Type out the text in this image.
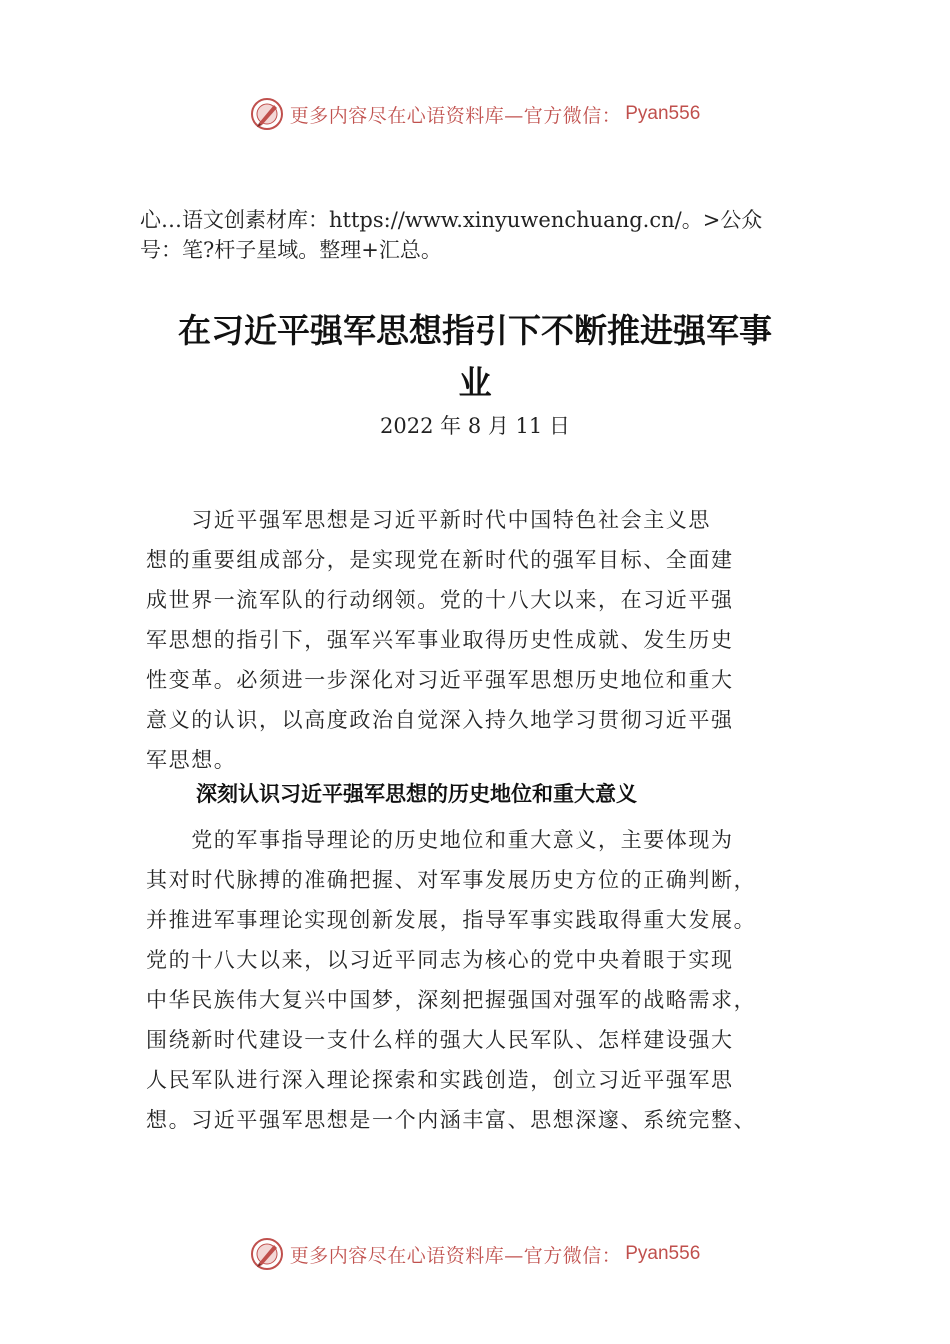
更多内容尽在心语资料库—官方微信： Pyan556
心…语文创素材库：https://www.xinyuwenchuang.cn/。>公众
号：笔?杆子星域。整理+汇总。
在习近平强军思想指引下不断推进强军事
业
2022 年 8 月 11 日
　　习近平强军思想是习近平新时代中国特色社会主义思
想的重要组成部分，是实现党在新时代的强军目标、全面建
成世界一流军队的行动纲领。党的十八大以来，在习近平强
军思想的指引下，强军兴军事业取得历史性成就、发生历史
性变革。必须进一步深化对习近平强军思想历史地位和重大
意义的认识，以高度政治自觉深入持久地学习贯彻习近平强
军思想。
深刻认识习近平强军思想的历史地位和重大意义
　　党的军事指导理论的历史地位和重大意义，主要体现为
其对时代脉搏的准确把握、对军事发展历史方位的正确判断，
并推进军事理论实现创新发展，指导军事实践取得重大发展。
党的十八大以来，以习近平同志为核心的党中央着眼于实现
中华民族伟大复兴中国梦，深刻把握强国对强军的战略需求，
围绕新时代建设一支什么样的强大人民军队、怎样建设强大
人民军队进行深入理论探索和实践创造，创立习近平强军思
想。习近平强军思想是一个内涵丰富、思想深邃、系统完整、
更多内容尽在心语资料库—官方微信： Pyan556
